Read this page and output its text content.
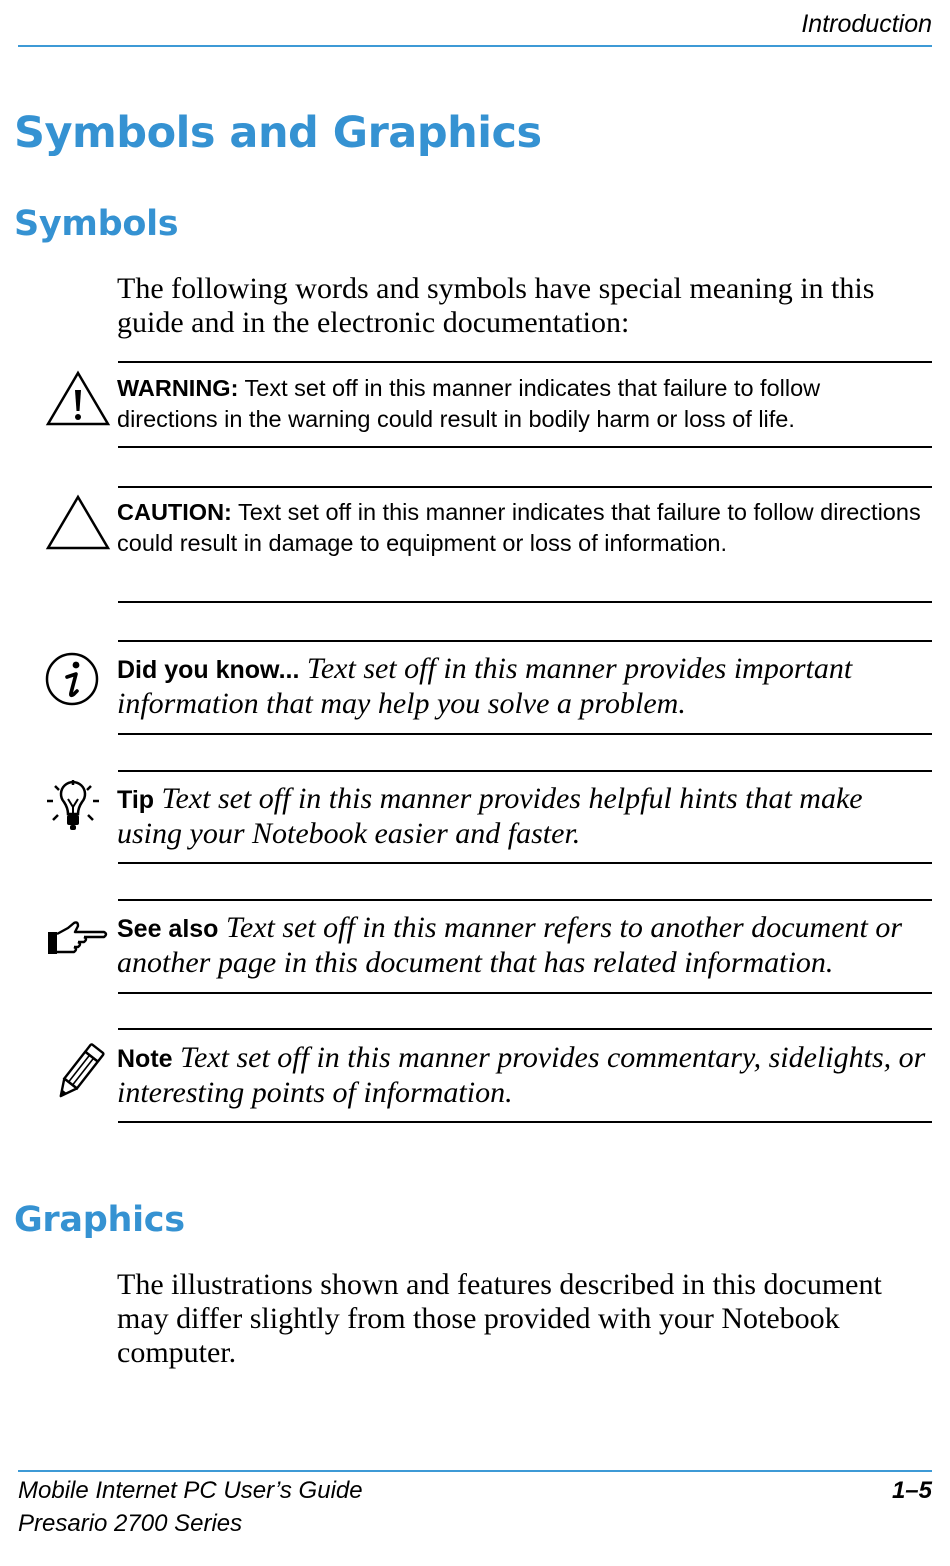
Introduction
Symbols and Graphics
Symbols

The following words and symbols have special meaning in this guide and in the electronic documentation:

WARNING: Text set off in this manner indicates that failure to follow directions in the warning could result in bodily harm or loss of life.
CAUTION: Text set off in this manner indicates that failure to follow directions could result in damage to equipment or loss of information.
Did you know... Text set off in this manner provides important information that may help you solve a problem.
Tip Text set off in this manner provides helpful hints that make using your Notebook easier and faster.
See also Text set off in this manner refers to another document or another page in this document that has related information.
Note Text set off in this manner provides commentary, sidelights, or interesting points of information.
Graphics

The illustrations shown and features described in this document may differ slightly from those provided with your Notebook computer.

Mobile Internet PC User’s Guide
Presario 2700 Series
1–5
